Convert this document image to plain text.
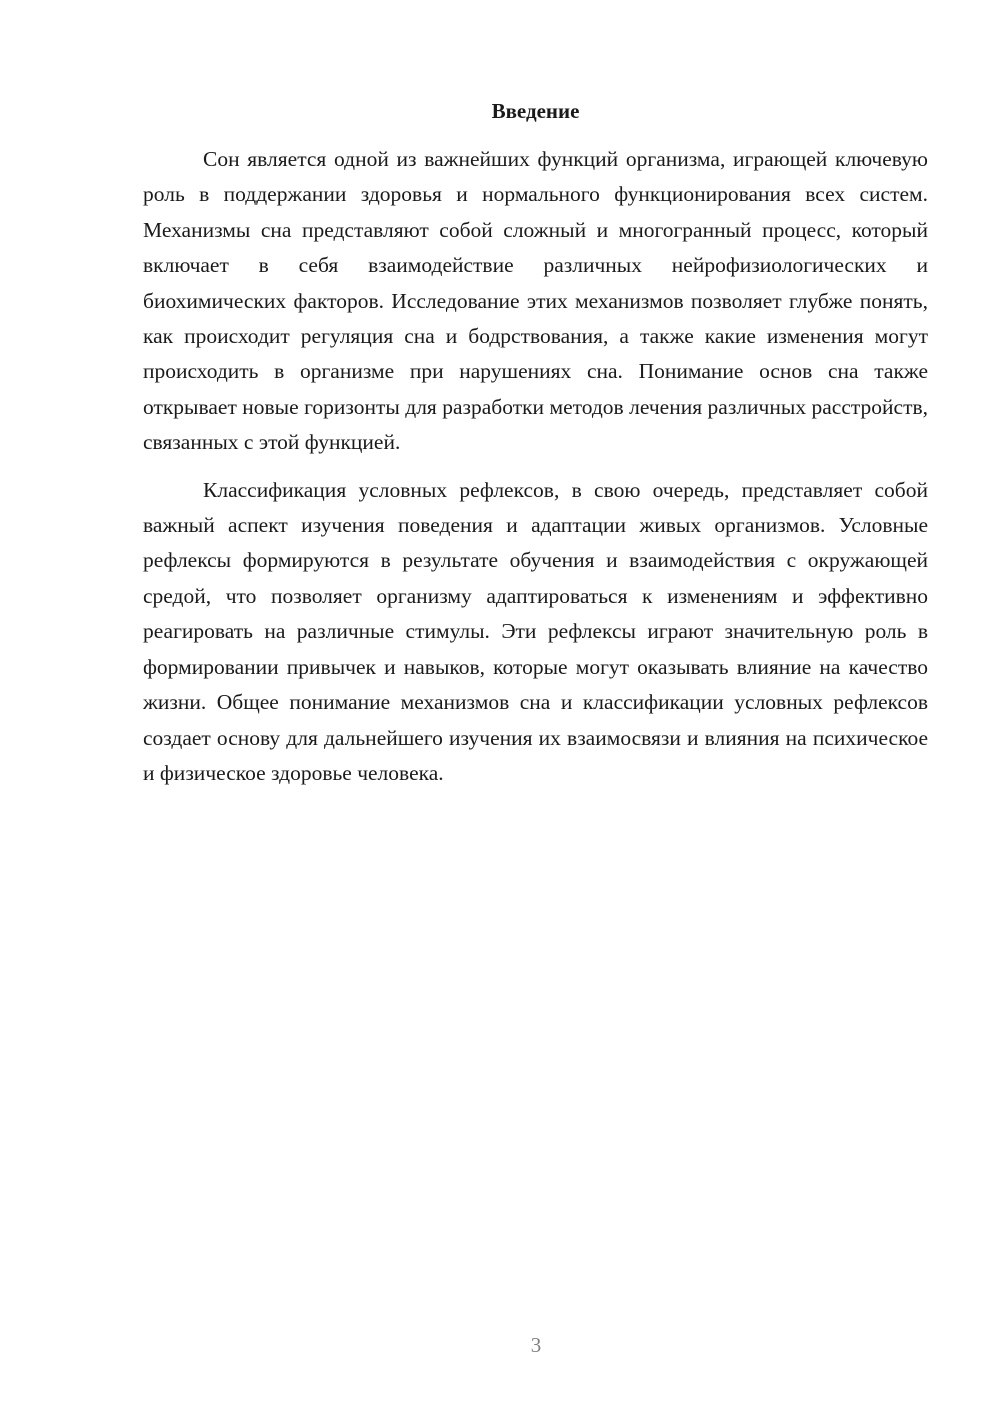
Введение

Сон является одной из важнейших функций организма, играющей ключевую роль в поддержании здоровья и нормального функционирования всех систем. Механизмы сна представляют собой сложный и многогранный процесс, который включает в себя взаимодействие различных нейрофизиологических и биохимических факторов. Исследование этих механизмов позволяет глубже понять, как происходит регуляция сна и бодрствования, а также какие изменения могут происходить в организме при нарушениях сна. Понимание основ сна также открывает новые горизонты для разработки методов лечения различных расстройств, связанных с этой функцией.

Классификация условных рефлексов, в свою очередь, представляет собой важный аспект изучения поведения и адаптации живых организмов. Условные рефлексы формируются в результате обучения и взаимодействия с окружающей средой, что позволяет организму адаптироваться к изменениям и эффективно реагировать на различные стимулы. Эти рефлексы играют значительную роль в формировании привычек и навыков, которые могут оказывать влияние на качество жизни. Общее понимание механизмов сна и классификации условных рефлексов создает основу для дальнейшего изучения их взаимосвязи и влияния на психическое и физическое здоровье человека.

3
